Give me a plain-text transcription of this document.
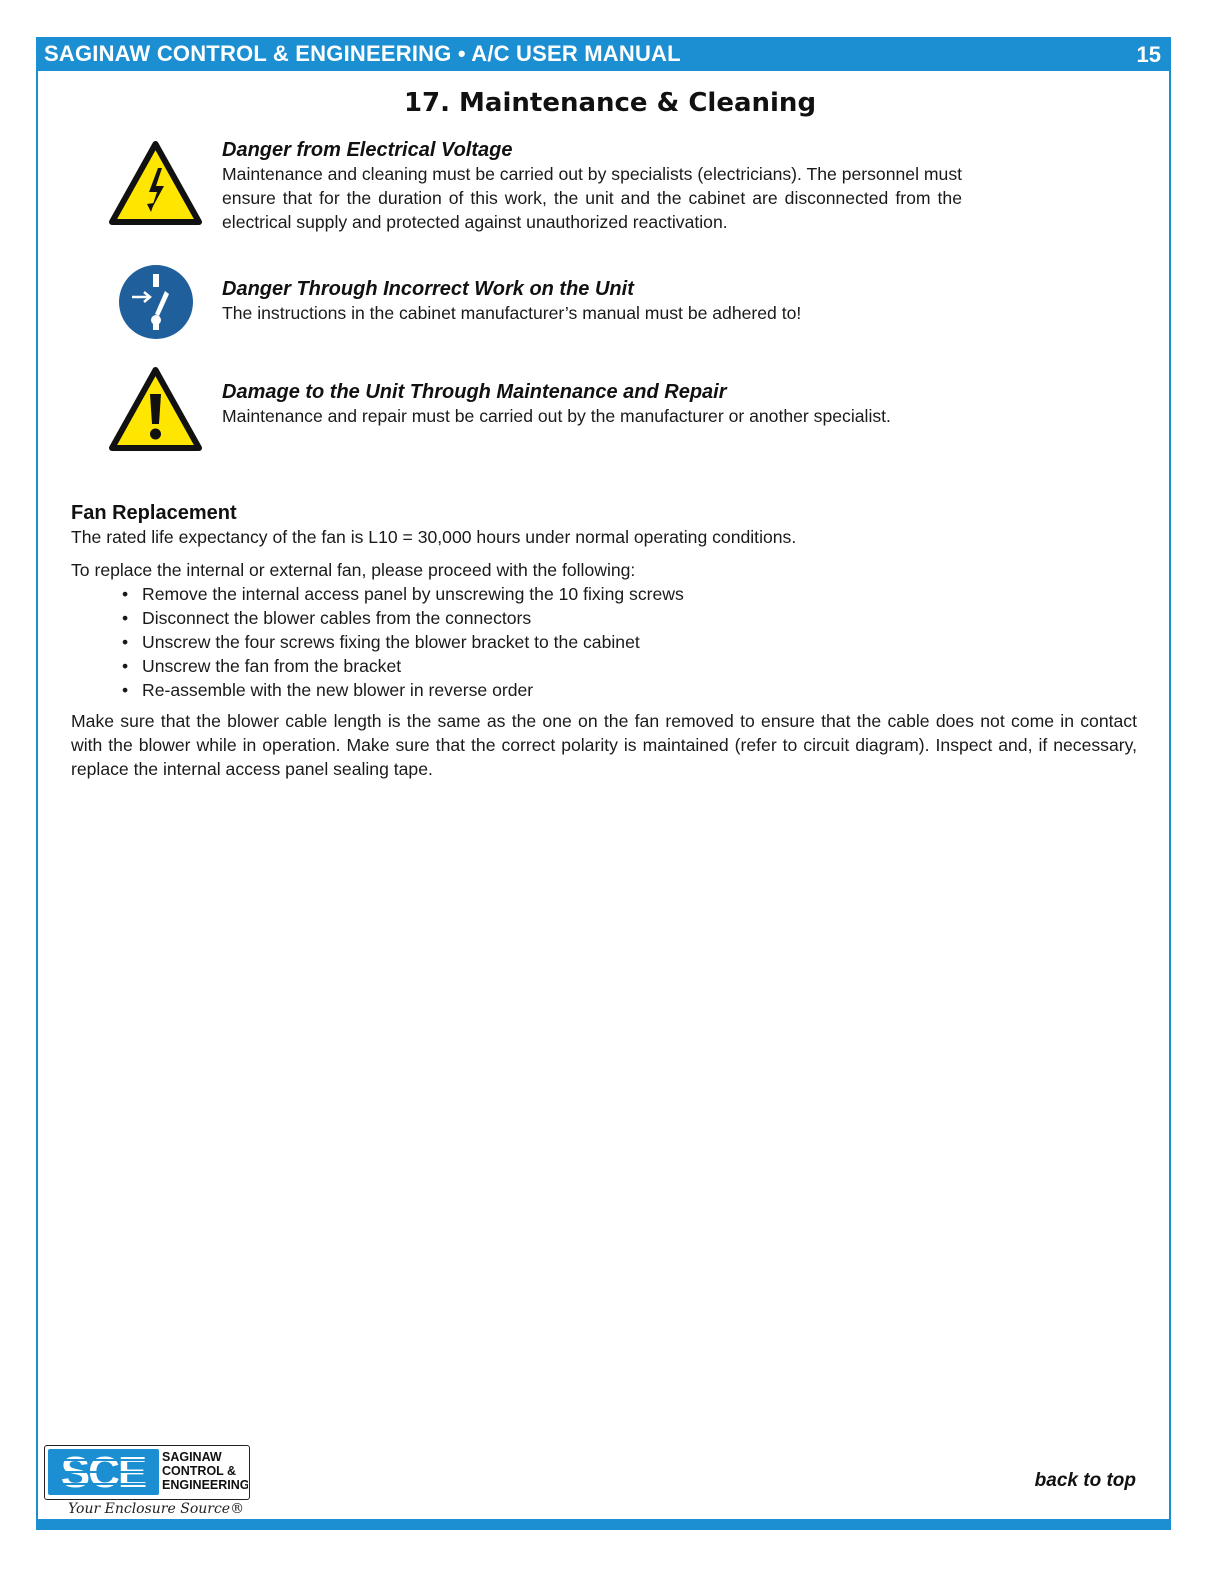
SAGINAW CONTROL & ENGINEERING • A/C USER MANUAL	15
17. Maintenance & Cleaning
Danger from Electrical Voltage
Maintenance and cleaning must be carried out by specialists (electricians). The personnel must ensure that for the duration of this work, the unit and the cabinet are disconnected from the electrical supply and protected against unauthorized reactivation.
Danger Through Incorrect Work on the Unit
The instructions in the cabinet manufacturer’s manual must be adhered to!
Damage to the Unit Through Maintenance and Repair
Maintenance and repair must be carried out by the manufacturer or another specialist.
Fan Replacement
The rated life expectancy of the fan is L10 = 30,000 hours under normal operating conditions.
To replace the internal or external fan, please proceed with the following:
• Remove the internal access panel by unscrewing the 10 fixing screws
• Disconnect the blower cables from the connectors
• Unscrew the four screws fixing the blower bracket to the cabinet
• Unscrew the fan from the bracket
• Re-assemble with the new blower in reverse order
Make sure that the blower cable length is the same as the one on the fan removed to ensure that the cable does not come in contact with the blower while in operation. Make sure that the correct polarity is maintained (refer to circuit diagram). Inspect and, if necessary, replace the internal access panel sealing tape.
SCE SAGINAW
CONTROL &
ENGINEERING
Your Enclosure Source®
back to top
